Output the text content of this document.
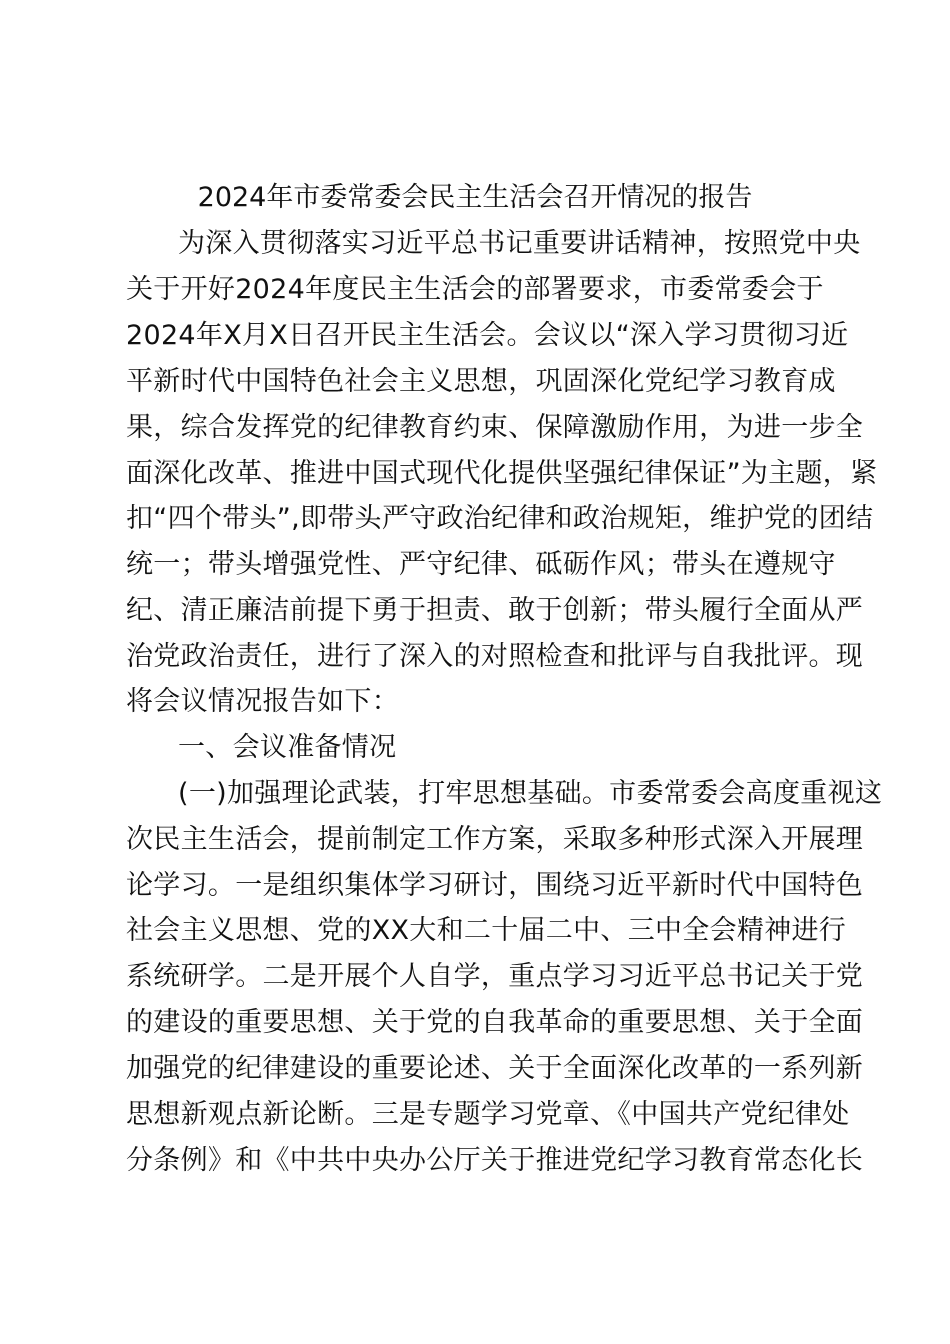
2024年市委常委会民主生活会召开情况的报告
为深入贯彻落实习近平总书记重要讲话精神，按照党中央
关于开好2024年度民主生活会的部署要求，市委常委会于
2024年X月X日召开民主生活会。会议以“深入学习贯彻习近
平新时代中国特色社会主义思想，巩固深化党纪学习教育成
果，综合发挥党的纪律教育约束、保障激励作用，为进一步全
面深化改革、推进中国式现代化提供坚强纪律保证”为主题，紧
扣“四个带头”,即带头严守政治纪律和政治规矩，维护党的团结
统一；带头增强党性、严守纪律、砥砺作风；带头在遵规守
纪、清正廉洁前提下勇于担责、敢于创新；带头履行全面从严
治党政治责任，进行了深入的对照检查和批评与自我批评。现
将会议情况报告如下：
一、会议准备情况
(一)加强理论武装，打牢思想基础。市委常委会高度重视这
次民主生活会，提前制定工作方案，采取多种形式深入开展理
论学习。一是组织集体学习研讨，围绕习近平新时代中国特色
社会主义思想、党的XX大和二十届二中、三中全会精神进行
系统研学。二是开展个人自学，重点学习习近平总书记关于党
的建设的重要思想、关于党的自我革命的重要思想、关于全面
加强党的纪律建设的重要论述、关于全面深化改革的一系列新
思想新观点新论断。三是专题学习党章、《中国共产党纪律处
分条例》和《中共中央办公厅关于推进党纪学习教育常态化长
